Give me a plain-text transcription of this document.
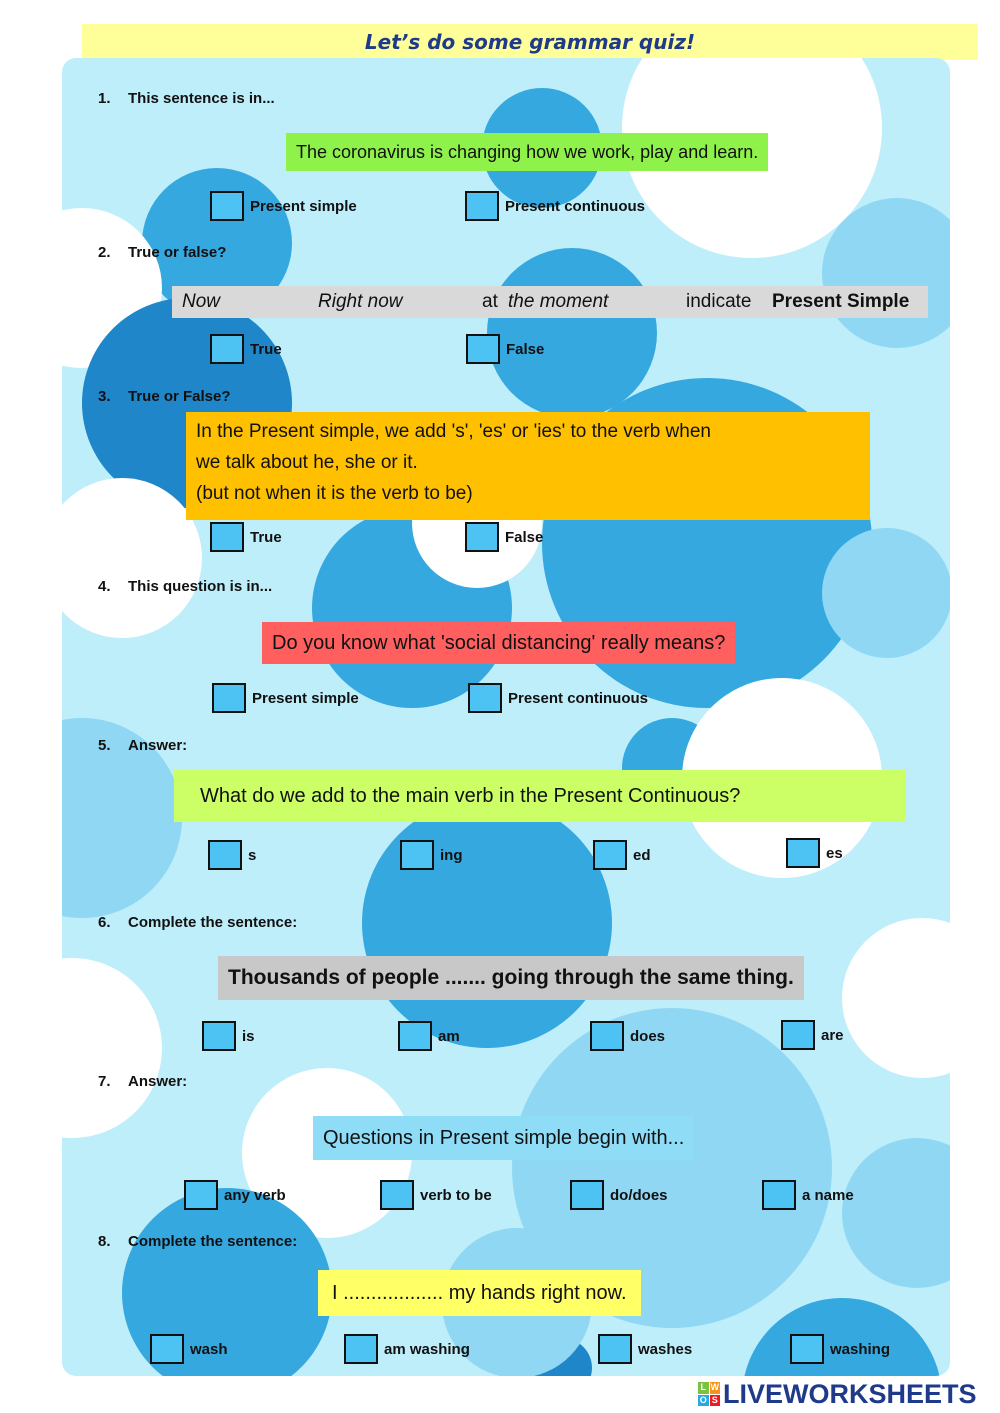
Let’s do some grammar quiz!
1. This sentence is in...
The coronavirus is changing how we work, play and learn.
Present simple	Present continuous
2. True or false?
Now	Right now	at the moment	indicate Present Simple
True	False
3. True or False?
In the Present simple, we add 's', 'es' or 'ies' to the verb when
we talk about he, she or it.
(but not when it is the verb to be)
True	False
4. This question is in...
Do you know what 'social distancing' really means?
Present simple	Present continuous
5. Answer:
What do we add to the main verb in the Present Continuous?
s	ing	ed	es
6. Complete the sentence:
Thousands of people ....... going through the same thing.
is	am	does	are
7. Answer:
Questions in Present simple begin with...
any verb	verb to be	do/does	a name
8. Complete the sentence:
I .................. my hands right now.
wash	am washing	washes	washing
L W
O S LIVEWORKSHEETS
